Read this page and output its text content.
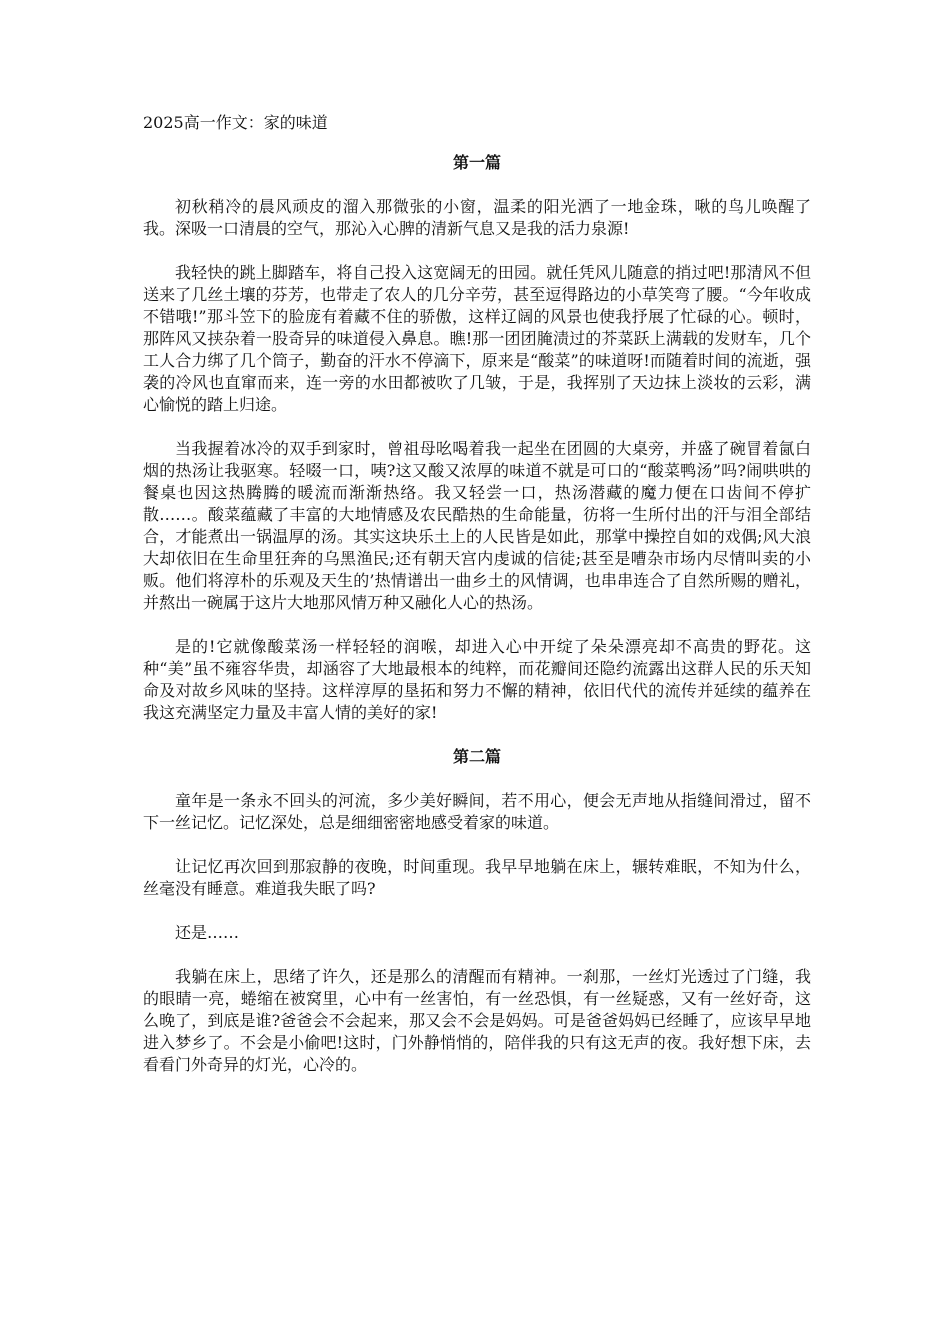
2025高一作文：家的味道
第一篇

初秋稍冷的晨风顽皮的溜入那微张的小窗，温柔的阳光洒了一地金珠，啾的鸟儿唤醒了我。深吸一口清晨的空气，那沁入心脾的清新气息又是我的活力泉源!

我轻快的跳上脚踏车，将自己投入这宽阔无的田园。就任凭风儿随意的捎过吧!那清风不但送来了几丝土壤的芬芳，也带走了农人的几分辛劳，甚至逗得路边的小草笑弯了腰。“今年收成不错哦!”那斗笠下的脸庞有着藏不住的骄傲，这样辽阔的风景也使我抒展了忙碌的心。顿时，那阵风又挟杂着一股奇异的味道侵入鼻息。瞧!那一团团腌渍过的芥菜跃上满载的发财车，几个工人合力绑了几个筒子，勤奋的汗水不停滴下，原来是“酸菜”的味道呀!而随着时间的流逝，强袭的冷风也直窜而来，连一旁的水田都被吹了几皱，于是，我挥别了天边抹上淡妆的云彩，满心愉悦的踏上归途。

当我握着冰冷的双手到家时，曾祖母吆喝着我一起坐在团圆的大桌旁，并盛了碗冒着氤白烟的热汤让我驱寒。轻啜一口，咦?这又酸又浓厚的味道不就是可口的“酸菜鸭汤”吗?闹哄哄的餐桌也因这热腾腾的暖流而渐渐热络。我又轻尝一口，热汤潜藏的魔力便在口齿间不停扩散……。酸菜蕴藏了丰富的大地情感及农民酷热的生命能量，彷将一生所付出的汗与泪全部结合，才能煮出一锅温厚的汤。其实这块乐土上的人民皆是如此，那掌中操控自如的戏偶;风大浪大却依旧在生命里狂奔的乌黑渔民;还有朝天宫内虔诚的信徒;甚至是嘈杂市场内尽情叫卖的小贩。他们将淳朴的乐观及天生的’热情谱出一曲乡土的风情调，也串串连合了自然所赐的赠礼，并熬出一碗属于这片大地那风情万种又融化人心的热汤。

是的!它就像酸菜汤一样轻轻的润喉，却进入心中开绽了朵朵漂亮却不高贵的野花。这种“美”虽不雍容华贵，却涵容了大地最根本的纯粹，而花瓣间还隐约流露出这群人民的乐天知命及对故乡风味的坚持。这样淳厚的垦拓和努力不懈的精神，依旧代代的流传并延续的蕴养在我这充满坚定力量及丰富人情的美好的家!

第二篇

童年是一条永不回头的河流，多少美好瞬间，若不用心，便会无声地从指缝间滑过，留不下一丝记忆。记忆深处，总是细细密密地感受着家的味道。

让记忆再次回到那寂静的夜晚，时间重现。我早早地躺在床上，辗转难眠，不知为什么，丝毫没有睡意。难道我失眠了吗?

还是……

我躺在床上，思绪了许久，还是那么的清醒而有精神。一刹那，一丝灯光透过了门缝，我的眼睛一亮，蜷缩在被窝里，心中有一丝害怕，有一丝恐惧，有一丝疑惑，又有一丝好奇，这么晚了，到底是谁?爸爸会不会起来，那又会不会是妈妈。可是爸爸妈妈已经睡了，应该早早地进入梦乡了。不会是小偷吧!这时，门外静悄悄的，陪伴我的只有这无声的夜。我好想下床，去看看门外奇异的灯光，心冷的。
